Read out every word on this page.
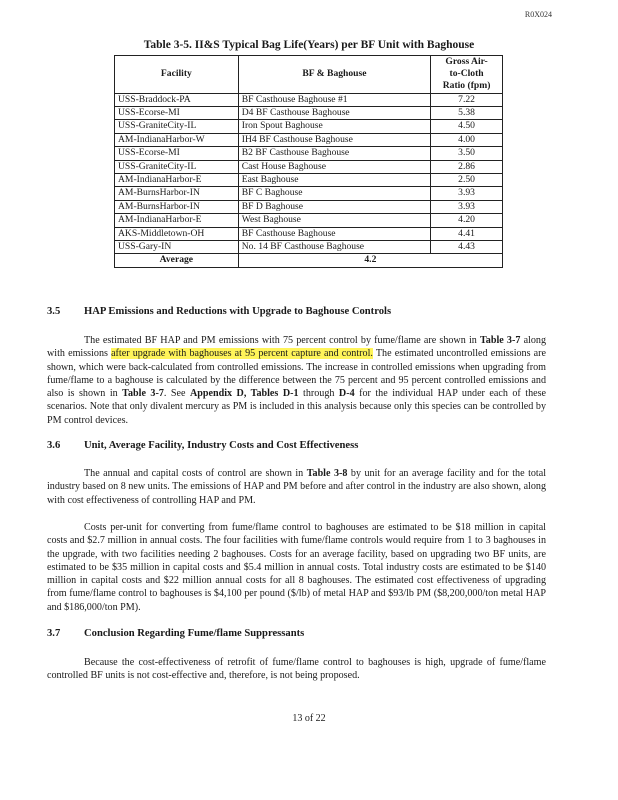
R0X024
Table 3-5. II&S Typical Bag Life(Years) per BF Unit with Baghouse
Facility	BF & Baghouse	Gross Air-
to-Cloth
Ratio (fpm)
USS-Braddock-PA	BF Casthouse Baghouse #1	7.22
USS-Ecorse-MI	D4 BF Casthouse Baghouse	5.38
USS-GraniteCity-IL	Iron Spout Baghouse	4.50
AM-IndianaHarbor-W	IH4 BF Casthouse Baghouse	4.00
USS-Ecorse-MI	B2 BF Casthouse Baghouse	3.50
USS-GraniteCity-IL	Cast House Baghouse	2.86
AM-IndianaHarbor-E	East Baghouse	2.50
AM-BurnsHarbor-IN	BF C Baghouse	3.93
AM-BurnsHarbor-IN	BF D Baghouse	3.93
AM-IndianaHarbor-E	West Baghouse	4.20
AKS-Middletown-OH	BF Casthouse Baghouse	4.41
USS-Gary-IN	No. 14 BF Casthouse Baghouse	4.43
Average	4.2	
3.5 HAP Emissions and Reductions with Upgrade to Baghouse Controls

The estimated BF HAP and PM emissions with 75 percent control by fume/flame are shown in Table 3-7 along with emissions after upgrade with baghouses at 95 percent capture and control. The estimated uncontrolled emissions are shown, which were back-calculated from controlled emissions. The increase in controlled emissions when upgrading from fume/flame to a baghouse is calculated by the difference between the 75 percent and 95 percent controlled emissions and also is shown in Table 3-7. See Appendix D, Tables D-1 through D-4 for the individual HAP under each of these scenarios. Note that only divalent mercury as PM is included in this analysis because only this species can be controlled by PM control devices.

3.6 Unit, Average Facility, Industry Costs and Cost Effectiveness

The annual and capital costs of control are shown in Table 3-8 by unit for an average facility and for the total industry based on 8 new units. The emissions of HAP and PM before and after control in the industry are also shown, along with cost effectiveness of controlling HAP and PM.

Costs per-unit for converting from fume/flame control to baghouses are estimated to be $18 million in capital costs and $2.7 million in annual costs. The four facilities with fume/flame controls would require from 1 to 3 baghouses in the upgrade, with two facilities needing 2 baghouses. Costs for an average facility, based on upgrading two BF units, are estimated to be $35 million in capital costs and $5.4 million in annual costs. Total industry costs are estimated to be $140 million in capital costs and $22 million annual costs for all 8 baghouses. The estimated cost effectiveness of upgrading from fume/flame control to baghouses is $4,100 per pound ($/lb) of metal HAP and $93/lb PM ($8,200,000/ton metal HAP and $186,000/ton PM).

3.7 Conclusion Regarding Fume/flame Suppressants

Because the cost-effectiveness of retrofit of fume/flame control to baghouses is high, upgrade of fume/flame controlled BF units is not cost-effective and, therefore, is not being proposed.

13 of 22
